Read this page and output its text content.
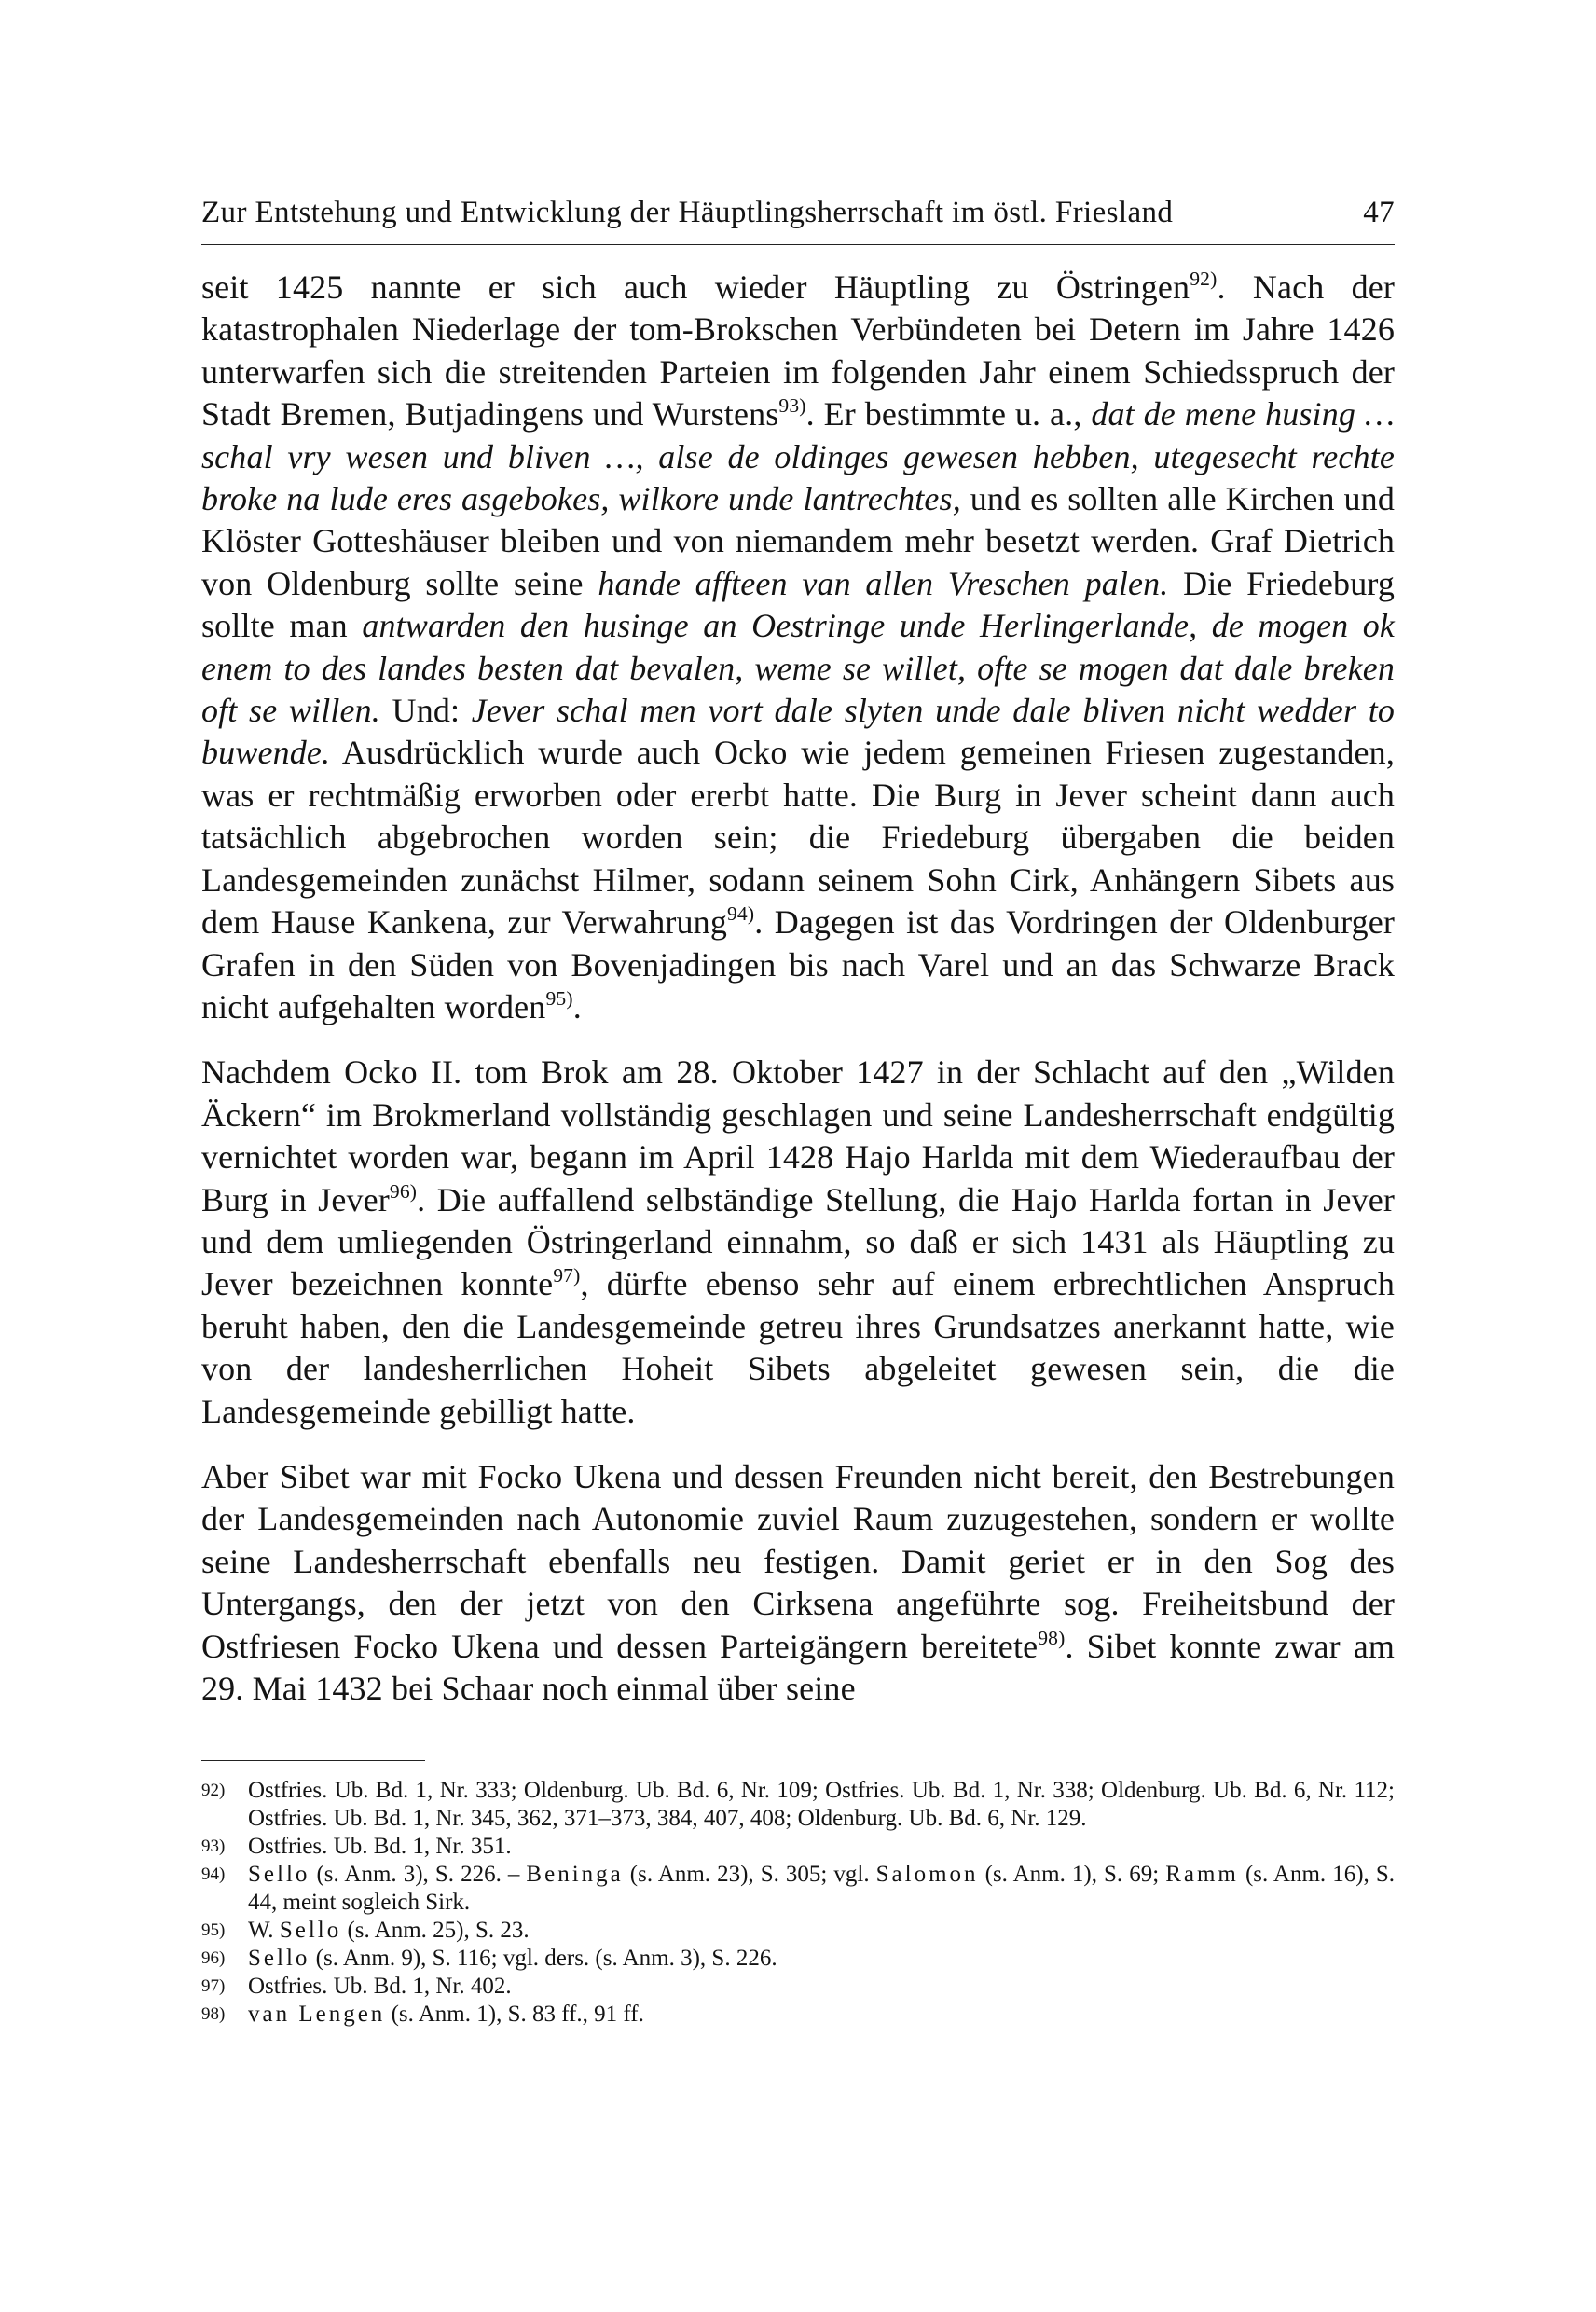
Zur Entstehung und Entwicklung der Häuptlingsherrschaft im östl. Friesland	47

seit 1425 nannte er sich auch wieder Häuptling zu Östringen$^{92)}$. Nach der katastrophalen Niederlage der tom-Brokschen Verbündeten bei Detern im Jahre 1426 unterwarfen sich die streitenden Parteien im folgenden Jahr einem Schiedsspruch der Stadt Bremen, Butjadingens und Wurstens$^{93)}$. Er bestimmte u. a., dat de mene husing … schal vry wesen und bliven …, alse de oldinges gewesen hebben, utegesecht rechte broke na lude eres asgebokes, wilkore unde lantrechtes, und es sollten alle Kirchen und Klöster Gotteshäuser bleiben und von niemandem mehr besetzt werden. Graf Dietrich von Oldenburg sollte seine hande affteen van allen Vreschen palen. Die Friedeburg sollte man antwarden den husinge an Oestringe unde Herlingerlande, de mogen ok enem to des landes besten dat bevalen, weme se willet, ofte se mogen dat dale breken oft se willen. Und: Jever schal men vort dale slyten unde dale bliven nicht wedder to buwende. Ausdrücklich wurde auch Ocko wie jedem gemeinen Friesen zugestanden, was er rechtmäßig erworben oder ererbt hatte. Die Burg in Jever scheint dann auch tatsächlich abgebrochen worden sein; die Friedeburg übergaben die beiden Landesgemeinden zunächst Hilmer, sodann seinem Sohn Cirk, Anhängern Sibets aus dem Hause Kankena, zur Verwahrung$^{94)}$. Dagegen ist das Vordringen der Oldenburger Grafen in den Süden von Bovenjadingen bis nach Varel und an das Schwarze Brack nicht aufgehalten worden$^{95)}$.

Nachdem Ocko II. tom Brok am 28. Oktober 1427 in der Schlacht auf den „Wilden Äckern“ im Brokmerland vollständig geschlagen und seine Landesherrschaft endgültig vernichtet worden war, begann im April 1428 Hajo Harlda mit dem Wiederaufbau der Burg in Jever$^{96)}$. Die auffallend selbständige Stellung, die Hajo Harlda fortan in Jever und dem umliegenden Östringerland einnahm, so daß er sich 1431 als Häuptling zu Jever bezeichnen konnte$^{97)}$, dürfte ebenso sehr auf einem erbrechtlichen Anspruch beruht haben, den die Landesgemeinde getreu ihres Grundsatzes anerkannt hatte, wie von der landesherrlichen Hoheit Sibets abgeleitet gewesen sein, die die Landesgemeinde gebilligt hatte.

Aber Sibet war mit Focko Ukena und dessen Freunden nicht bereit, den Bestrebungen der Landesgemeinden nach Autonomie zuviel Raum zuzugestehen, sondern er wollte seine Landesherrschaft ebenfalls neu festigen. Damit geriet er in den Sog des Untergangs, den der jetzt von den Cirksena angeführte sog. Freiheitsbund der Ostfriesen Focko Ukena und dessen Parteigängern bereitete$^{98)}$. Sibet konnte zwar am 29. Mai 1432 bei Schaar noch einmal über seine

92) Ostfries. Ub. Bd. 1, Nr. 333; Oldenburg. Ub. Bd. 6, Nr. 109; Ostfries. Ub. Bd. 1, Nr. 338; Oldenburg. Ub. Bd. 6, Nr. 112; Ostfries. Ub. Bd. 1, Nr. 345, 362, 371–373, 384, 407, 408; Oldenburg. Ub. Bd. 6, Nr. 129.
93) Ostfries. Ub. Bd. 1, Nr. 351.
94) Sello (s. Anm. 3), S. 226. – Beninga (s. Anm. 23), S. 305; vgl. Salomon (s. Anm. 1), S. 69; Ramm (s. Anm. 16), S. 44, meint sogleich Sirk.
95) W. Sello (s. Anm. 25), S. 23.
96) Sello (s. Anm. 9), S. 116; vgl. ders. (s. Anm. 3), S. 226.
97) Ostfries. Ub. Bd. 1, Nr. 402.
98) van Lengen (s. Anm. 1), S. 83 ff., 91 ff.
